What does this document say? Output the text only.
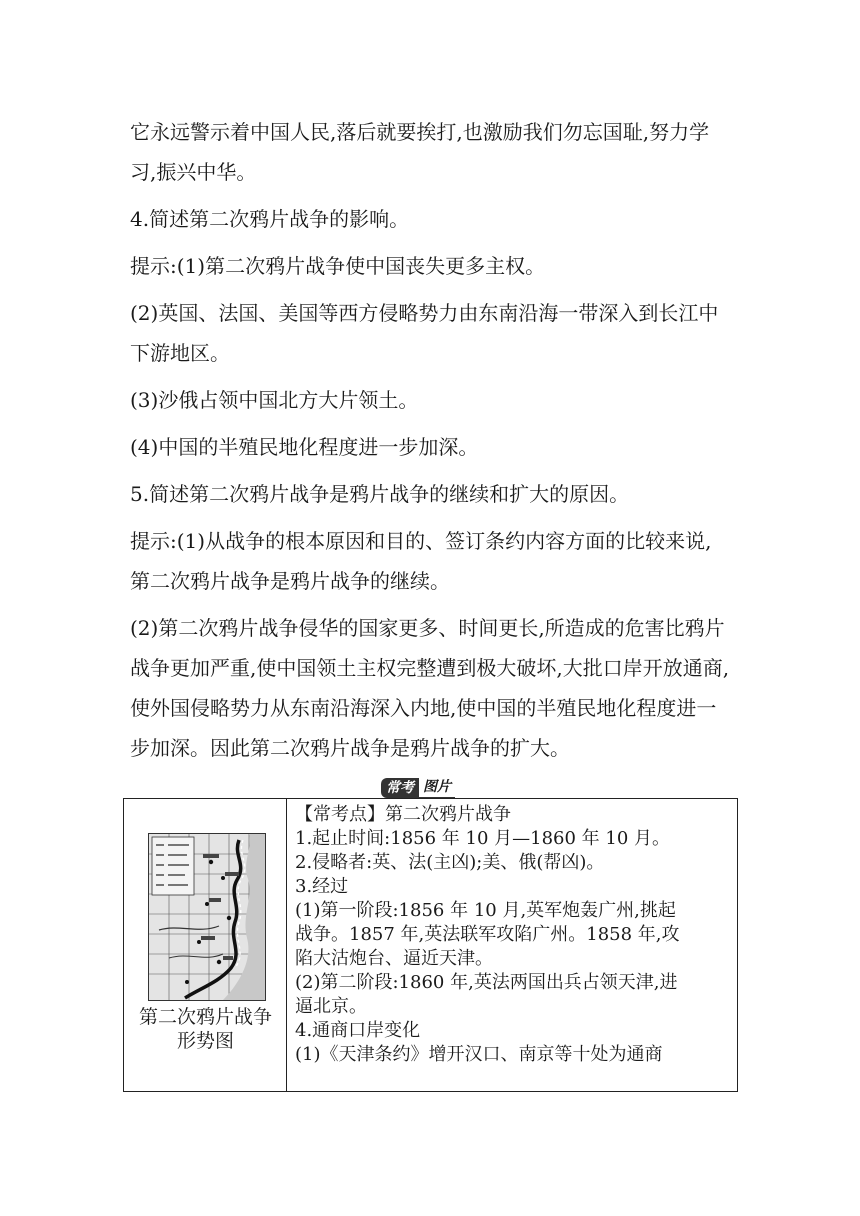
它永远警示着中国人民,落后就要挨打,也激励我们勿忘国耻,努力学习,振兴中华。

4.简述第二次鸦片战争的影响。

提示:(1)第二次鸦片战争使中国丧失更多主权。

(2)英国、法国、美国等西方侵略势力由东南沿海一带深入到长江中下游地区。

(3)沙俄占领中国北方大片领土。

(4)中国的半殖民地化程度进一步加深。

5.简述第二次鸦片战争是鸦片战争的继续和扩大的原因。

提示:(1)从战争的根本原因和目的、签订条约内容方面的比较来说,第二次鸦片战争是鸦片战争的继续。

(2)第二次鸦片战争侵华的国家更多、时间更长,所造成的危害比鸦片战争更加严重,使中国领土主权完整遭到极大破坏,大批口岸开放通商,使外国侵略势力从东南沿海深入内地,使中国的半殖民地化程度进一步加深。因此第二次鸦片战争是鸦片战争的扩大。

常考 图片
第二次鸦片战争
形势图
【常考点】第二次鸦片战争
1.起止时间:1856 年 10 月—1860 年 10 月。
2.侵略者:英、法(主凶);美、俄(帮凶)。
3.经过
(1)第一阶段:1856 年 10 月,英军炮轰广州,挑起
战争。1857 年,英法联军攻陷广州。1858 年,攻
陷大沽炮台、逼近天津。
(2)第二阶段:1860 年,英法两国出兵占领天津,进
逼北京。
4.通商口岸变化
(1)《天津条约》增开汉口、南京等十处为通商
